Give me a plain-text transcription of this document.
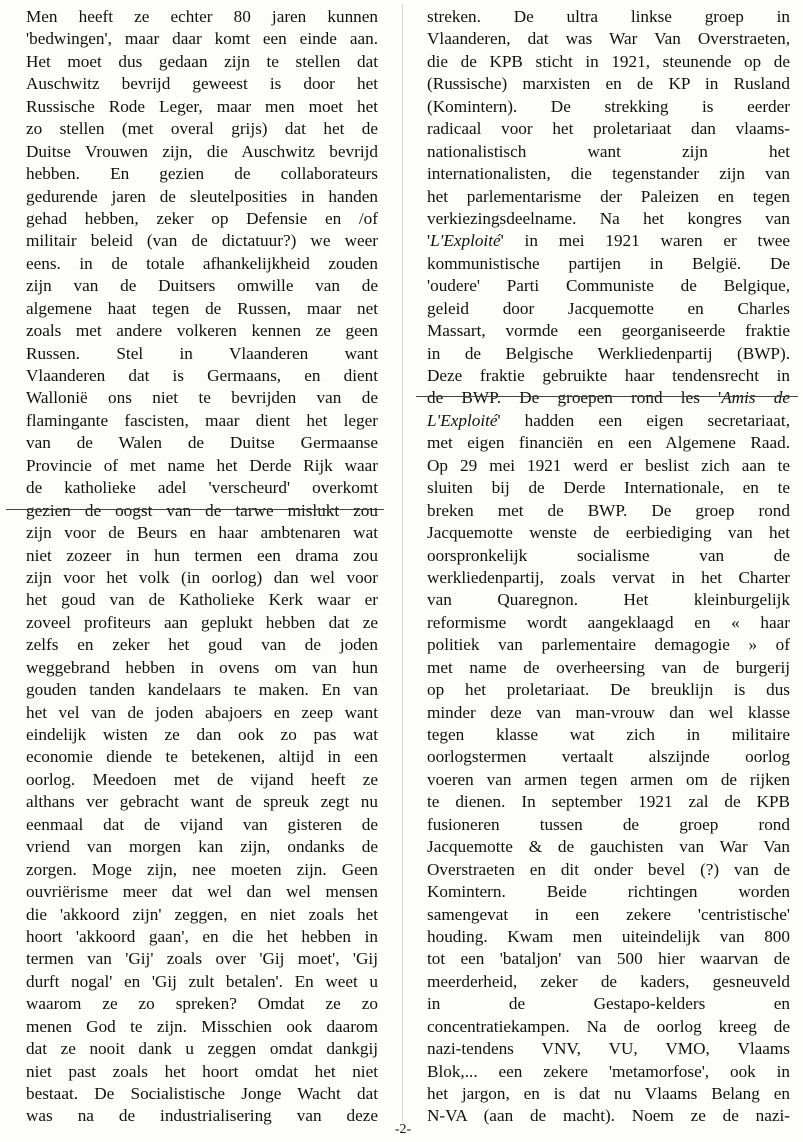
Men heeft ze echter 80 jaren kunnen
'bedwingen', maar daar komt een einde aan.
Het moet dus gedaan zijn te stellen dat
Auschwitz bevrijd geweest is door het
Russische Rode Leger, maar men moet het
zo stellen (met overal grijs) dat het de
Duitse Vrouwen zijn, die Auschwitz bevrijd
hebben. En gezien de collaborateurs
gedurende jaren de sleutelposities in handen
gehad hebben, zeker op Defensie en /of
militair beleid (van de dictatuur?) we weer
eens. in de totale afhankelijkheid zouden
zijn van de Duitsers omwille van de
algemene haat tegen de Russen, maar net
zoals met andere volkeren kennen ze geen
Russen. Stel in Vlaanderen want
Vlaanderen dat is Germaans, en dient
Wallonië ons niet te bevrijden van de
flamingante fascisten, maar dient het leger
van de Walen de Duitse Germaanse
Provincie of met name het Derde Rijk waar
de katholieke adel 'verscheurd' overkomt
gezien de oogst van de tarwe mislukt zou
zijn voor de Beurs en haar ambtenaren wat
niet zozeer in hun termen een drama zou
zijn voor het volk (in oorlog) dan wel voor
het goud van de Katholieke Kerk waar er
zoveel profiteurs aan geplukt hebben dat ze
zelfs en zeker het goud van de joden
weggebrand hebben in ovens om van hun
gouden tanden kandelaars te maken. En van
het vel van de joden abajoers en zeep want
eindelijk wisten ze dan ook zo pas wat
economie diende te betekenen, altijd in een
oorlog. Meedoen met de vijand heeft ze
althans ver gebracht want de spreuk zegt nu
eenmaal dat de vijand van gisteren de
vriend van morgen kan zijn, ondanks de
zorgen. Moge zijn, nee moeten zijn. Geen
ouvriërisme meer dat wel dan wel mensen
die 'akkoord zijn' zeggen, en niet zoals het
hoort 'akkoord gaan', en die het hebben in
termen van 'Gij' zoals over 'Gij moet', 'Gij
durft nogal' en 'Gij zult betalen'. En weet u
waarom ze zo spreken? Omdat ze zo
menen God te zijn. Misschien ook daarom
dat ze nooit dank u zeggen omdat dankgij
niet past zoals het hoort omdat het niet
bestaat. De Socialistische Jonge Wacht dat
was na de industrialisering van deze
streken. De ultra linkse groep in
Vlaanderen, dat was War Van Overstraeten,
die de KPB sticht in 1921, steunende op de
(Russische) marxisten en de KP in Rusland
(Komintern). De strekking is eerder
radicaal voor het proletariaat dan vlaams-
nationalistisch want zijn het
internationalisten, die tegenstander zijn van
het parlementarisme der Paleizen en tegen
verkiezingsdeelname. Na het kongres van
'L'Exploité' in mei 1921 waren er twee
kommunistische partijen in België. De
'oudere' Parti Communiste de Belgique,
geleid door Jacquemotte en Charles
Massart, vormde een georganiseerde fraktie
in de Belgische Werkliedenpartij (BWP).
Deze fraktie gebruikte haar tendensrecht in
de BWP. De groepen rond les 'Amis de
L'Exploité' hadden een eigen secretariaat,
met eigen financiën en een Algemene Raad.
Op 29 mei 1921 werd er beslist zich aan te
sluiten bij de Derde Internationale, en te
breken met de BWP. De groep rond
Jacquemotte wenste de eerbiediging van het
oorspronkelijk socialisme van de
werkliedenpartij, zoals vervat in het Charter
van Quaregnon. Het kleinburgelijk
reformisme wordt aangeklaagd en « haar
politiek van parlementaire demagogie » of
met name de overheersing van de burgerij
op het proletariaat. De breuklijn is dus
minder deze van man-vrouw dan wel klasse
tegen klasse wat zich in militaire
oorlogstermen vertaalt alszijnde oorlog
voeren van armen tegen armen om de rijken
te dienen. In september 1921 zal de KPB
fusioneren tussen de groep rond
Jacquemotte & de gauchisten van War Van
Overstraeten en dit onder bevel (?) van de
Komintern. Beide richtingen worden
samengevat in een zekere 'centristische'
houding. Kwam men uiteindelijk van 800
tot een 'bataljon' van 500 hier waarvan de
meerderheid, zeker de kaders, gesneuveld
in de Gestapo-kelders en
concentratiekampen. Na de oorlog kreeg de
nazi-tendens VNV, VU, VMO, Vlaams
Blok,... een zekere 'metamorfose', ook in
het jargon, en is dat nu Vlaams Belang en
N-VA (aan de macht). Noem ze de nazi-
-2-
